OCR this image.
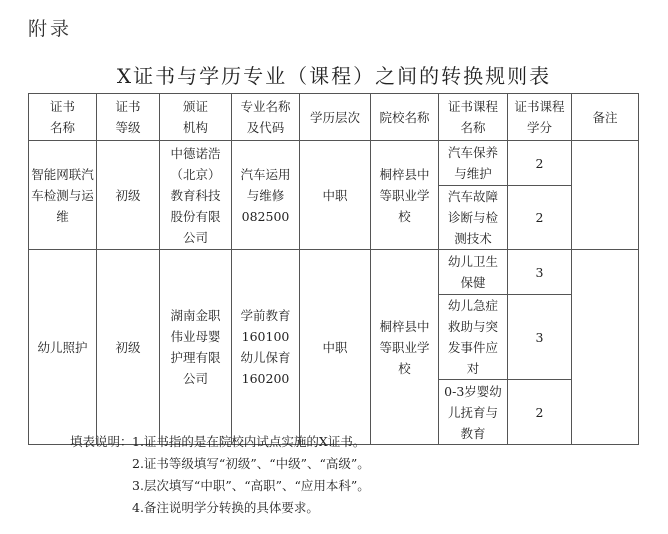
附录
X证书与学历专业（课程）之间的转换规则表
证书名称	证书等级	颁证机构	专业名称及代码	学历层次	院校名称	证书课程名称	证书课程学分	备注

智能网联汽车检测与运维	初级	中德诺浩（北京）教育科技股份有限公司	汽车运用与维修082500	中职	桐梓县中等职业学校	汽车保养与维护	2	

						汽车故障诊断与检测技术	2	
幼儿照护	初级	湖南金职伟业母婴护理有限公司	学前教育160100幼儿保育160200	中职	桐梓县中等职业学校	幼儿卫生保健	3	

						幼儿急症救助与突发事件应对	3	

						0-3岁婴幼儿抚育与教育	2	
填表说明：1.证书指的是在院校内试点实施的X证书。
2.证书等级填写“初级”、“中级”、“高级”。
3.层次填写“中职”、“高职”、“应用本科”。
4.备注说明学分转换的具体要求。
